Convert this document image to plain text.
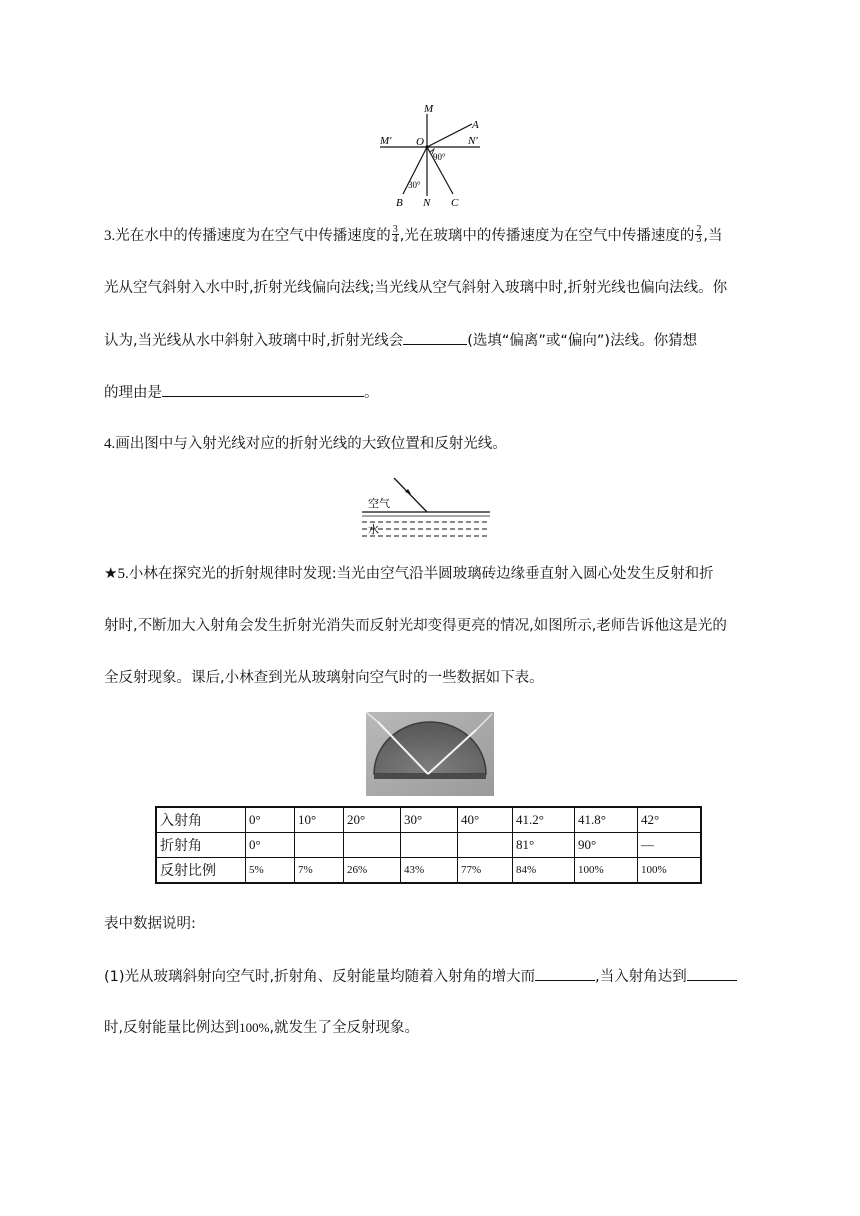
M
A
M′ O	N′
90°
30°
B N C
3.光在水中的传播速度为在空气中传播速度的 $\frac{3}{4}$ ,光在玻璃中的传播速度为在空气中传播速度的 $\frac{2}{3}$ ,当
光从空气斜射入水中时,折射光线偏向法线;当光线从空气斜射入玻璃中时,折射光线也偏向法线。你
认为,当光线从水中斜射入玻璃中时,折射光线会	(选填“偏离”或“偏向”)法线。你猜想
的理由是	。
4.画出图中与入射光线对应的折射光线的大致位置和反射光线。
空气
水
★5.小林在探究光的折射规律时发现:当光由空气沿半圆玻璃砖边缘垂直射入圆心处发生反射和折
射时,不断加大入射角会发生折射光消失而反射光却变得更亮的情况,如图所示,老师告诉他这是光的
全反射现象。课后,小林查到光从玻璃射向空气时的一些数据如下表。
入射角	0°	10°	20°	30°	40°	41.2°	41.8°	42°
折射角	0°					81°	90°	—
反射比例	5%	7%	26%	43%	77%	84%	100%	100%
表中数据说明:
(1)光从玻璃斜射向空气时,折射角、反射能量均随着入射角的增大而	,当入射角达到
时,反射能量比例达到100%,就发生了全反射现象。
